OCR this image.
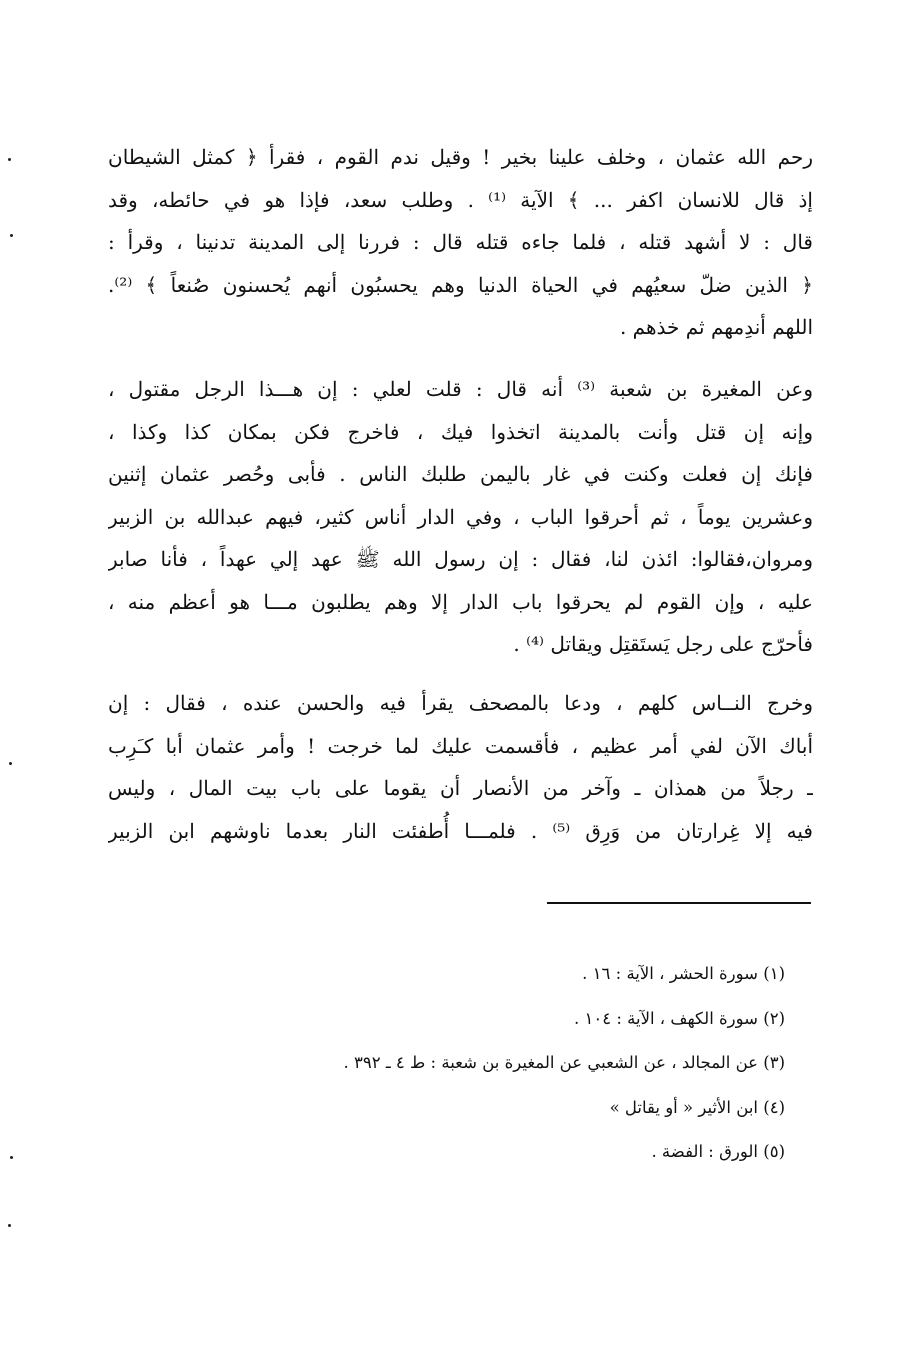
رحم الله عثمان ، وخلف علينا بخير ! وقيل ندم القوم ، فقرأ ﴿ كمثل الشيطان
إذ قال للانسان اكفر ... ﴾ الآية ⁽¹⁾ . وطلب سعد، فإذا هو في حائطه، وقد
قال : لا أشهد قتله ، فلما جاءه قتله قال : فررنا إلى المدينة تدنينا ، وقرأ :
﴿ الذين ضلّ سعيُهم في الحياة الدنيا وهم يحسبُون أنهم يُحسنون صُنعاً ﴾ ⁽²⁾.
اللهم أندِمهم ثم خذهم .
وعن المغيرة بن شعبة ⁽³⁾ أنه قال : قلت لعلي : إن هـــذا الرجل مقتول ،
وإنه إن قتل وأنت بالمدينة اتخذوا فيك ، فاخرج فكن بمكان كذا وكذا ،
فإنك إن فعلت وكنت في غار باليمن طلبك الناس . فأبى وحُصر عثمان إثنين
وعشرين يوماً ، ثم أحرقوا الباب ، وفي الدار أناس كثير، فيهم عبدالله بن الزبير
ومروان،فقالوا: ائذن لنا، فقال : إن رسول الله ﷺ عهد إلي عهداً ، فأنا صابر
عليه ، وإن القوم لم يحرقوا باب الدار إلا وهم يطلبون مـــا هو أعظم منه ،
فأحرّج على رجل يَستَقتِل ويقاتل ⁽⁴⁾ .
وخرج النــاس كلهم ، ودعا بالمصحف يقرأ فيه والحسن عنده ، فقال : إن
أباك الآن لفي أمر عظيم ، فأقسمت عليك لما خرجت ! وأمر عثمان أبا كـَرِب
ـ رجلاً من همذان ـ وآخر من الأنصار أن يقوما على باب بيت المال ، وليس
فيه إلا غِرارتان من وَرِق ⁽⁵⁾ . فلمـــا أُطفئت النار بعدما ناوشهم ابن الزبير
(١) سورة الحشر ، الآية : ١٦ .
(٢) سورة الكهف ، الآية : ١٠٤ .
(٣) عن المجالد ، عن الشعبي عن المغيرة بن شعبة : ط ٤ ـ ٣٩٢ .
(٤) ابن الأثير « أو يقاتل »
(٥) الورق : الفضة .
